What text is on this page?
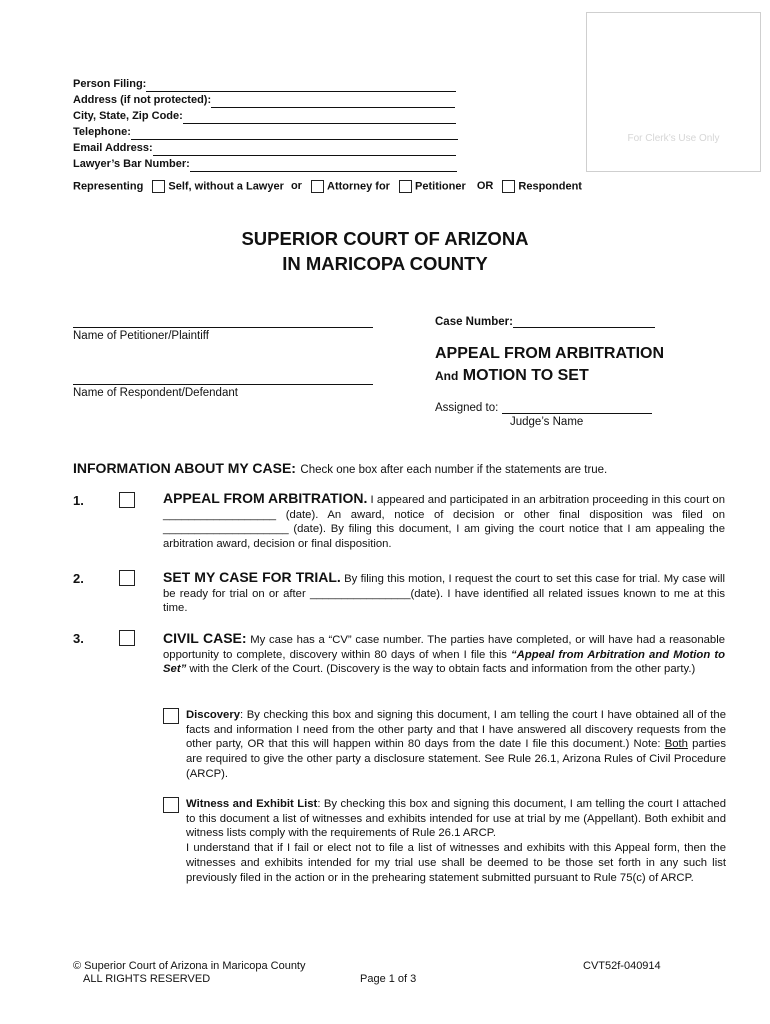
For Clerk’s Use Only
Person Filing:
Address (if not protected):
City, State, Zip Code:
Telephone:
Email Address:
Lawyer’s Bar Number:
Representing Self, without a Lawyer or Attorney for Petitioner OR Respondent
SUPERIOR COURT OF ARIZONA
IN MARICOPA COUNTY
Name of Petitioner/Plaintiff
Name of Respondent/Defendant
Case Number:
APPEAL FROM ARBITRATION
And MOTION TO SET
Assigned to:
Judge’s Name
INFORMATION ABOUT MY CASE: Check one box after each number if the statements are true.
1.	APPEAL FROM ARBITRATION. I appeared and participated in an arbitration proceeding in this court on __________________ (date). An award, notice of decision or other final disposition was filed on ____________________ (date). By filing this document, I am giving the court notice that I am appealing the arbitration award, decision or final disposition.
2.	SET MY CASE FOR TRIAL. By filing this motion, I request the court to set this case for trial. My case will be ready for trial on or after ________________(date). I have identified all related issues known to me at this time.
3.	CIVIL CASE: My case has a “CV” case number. The parties have completed, or will have had a reasonable opportunity to complete, discovery within 80 days of when I file this “Appeal from Arbitration and Motion to Set” with the Clerk of the Court. (Discovery is the way to obtain facts and information from the other party.)
Discovery: By checking this box and signing this document, I am telling the court I have obtained all of the facts and information I need from the other party and that I have answered all discovery requests from the other party, OR that this will happen within 80 days from the date I file this document.) Note: Both parties are required to give the other party a disclosure statement. See Rule 26.1, Arizona Rules of Civil Procedure (ARCP).
Witness and Exhibit List: By checking this box and signing this document, I am telling the court I attached to this document a list of witnesses and exhibits intended for use at trial by me (Appellant). Both exhibit and witness lists comply with the requirements of Rule 26.1 ARCP.
I understand that if I fail or elect not to file a list of witnesses and exhibits with this Appeal form, then the witnesses and exhibits intended for my trial use shall be deemed to be those set forth in any such list previously filed in the action or in the prehearing statement submitted pursuant to Rule 75(c) of ARCP.
© Superior Court of Arizona in Maricopa County
ALL RIGHTS RESERVED	Page 1 of 3
CVT52f-040914
